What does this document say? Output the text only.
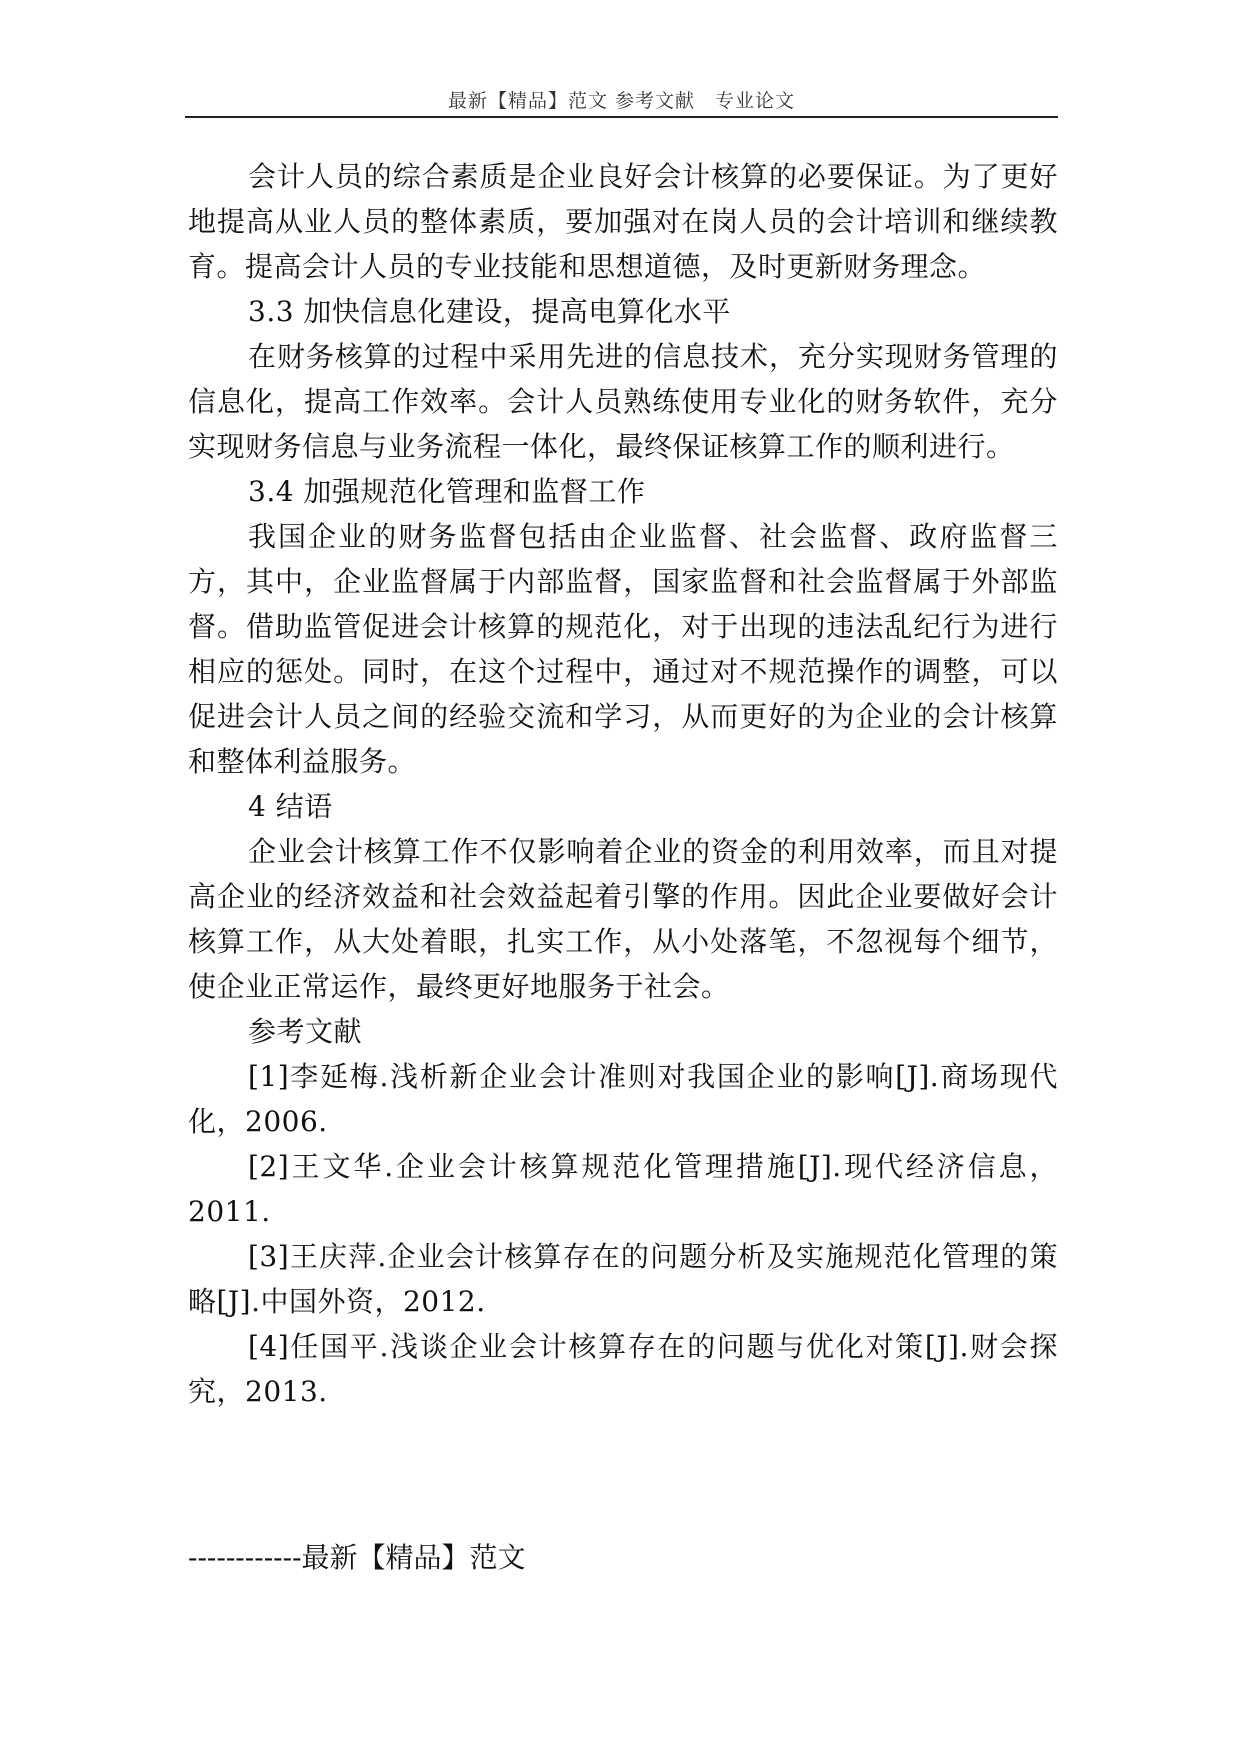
最新【精品】范文 参考文献　专业论文

会计人员的综合素质是企业良好会计核算的必要保证。为了更好地提高从业人员的整体素质，要加强对在岗人员的会计培训和继续教育。提高会计人员的专业技能和思想道德，及时更新财务理念。

3.3 加快信息化建设，提高电算化水平

在财务核算的过程中采用先进的信息技术，充分实现财务管理的信息化，提高工作效率。会计人员熟练使用专业化的财务软件，充分实现财务信息与业务流程一体化，最终保证核算工作的顺利进行。

3.4 加强规范化管理和监督工作

我国企业的财务监督包括由企业监督、社会监督、政府监督三方，其中，企业监督属于内部监督，国家监督和社会监督属于外部监督。借助监管促进会计核算的规范化，对于出现的违法乱纪行为进行相应的惩处。同时，在这个过程中，通过对不规范操作的调整，可以促进会计人员之间的经验交流和学习，从而更好的为企业的会计核算和整体利益服务。

4 结语

企业会计核算工作不仅影响着企业的资金的利用效率，而且对提高企业的经济效益和社会效益起着引擎的作用。因此企业要做好会计核算工作，从大处着眼，扎实工作，从小处落笔，不忽视每个细节，使企业正常运作，最终更好地服务于社会。

参考文献

[1]李延梅.浅析新企业会计准则对我国企业的影响[J].商场现代化，2006.

[2]王文华.企业会计核算规范化管理措施[J].现代经济信息，2011.

[3]王庆萍.企业会计核算存在的问题分析及实施规范化管理的策略[J].中国外资，2012.

[4]任国平.浅谈企业会计核算存在的问题与优化对策[J].财会探究，2013.

------------最新【精品】范文
